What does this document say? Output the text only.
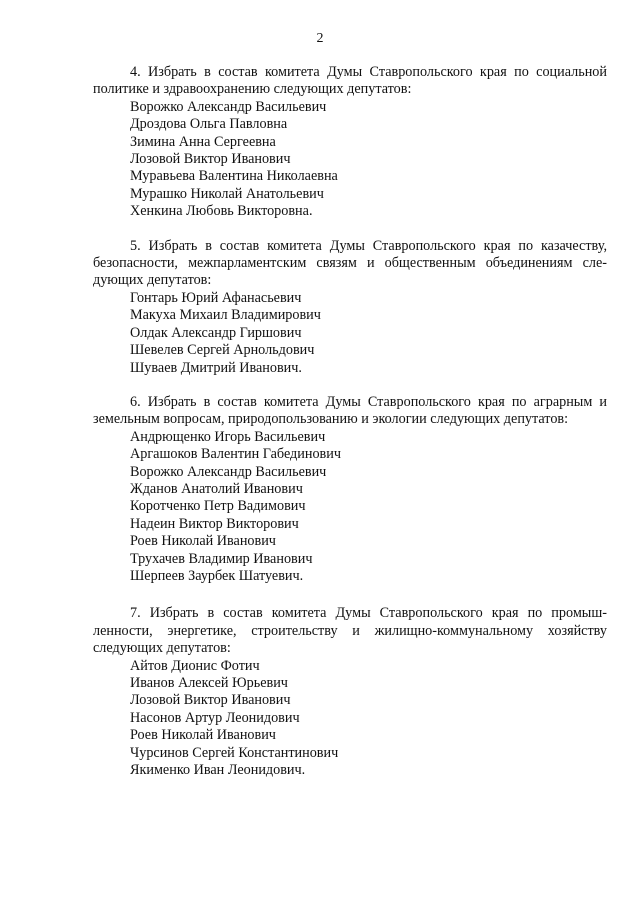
2

4. Избрать в состав комитета Думы Ставропольского края по социальной политике и здравоохранению следующих депутатов:

Ворожко Александр Васильевич
Дроздова Ольга Павловна
Зимина Анна Сергеевна
Лозовой Виктор Иванович
Муравьева Валентина Николаевна
Мурашко Николай Анатольевич
Хенкина Любовь Викторовна.

5. Избрать в состав комитета Думы Ставропольского края по казачеству, безопасности, межпарламентским связям и общественным объединениям следующих депутатов:

Гонтарь Юрий Афанасьевич
Макуха Михаил Владимирович
Олдак Александр Гиршович
Шевелев Сергей Арнольдович
Шуваев Дмитрий Иванович.

6. Избрать в состав комитета Думы Ставропольского края по аграрным и земельным вопросам, природопользованию и экологии следующих депутатов:

Андрющенко Игорь Васильевич
Аргашоков Валентин Габединович
Ворожко Александр Васильевич
Жданов Анатолий Иванович
Коротченко Петр Вадимович
Надеин Виктор Викторович
Роев Николай Иванович
Трухачев Владимир Иванович
Шерпеев Заурбек Шатуевич.

7. Избрать в состав комитета Думы Ставропольского края по промышленности, энергетике, строительству и жилищно-коммунальному хозяйству следующих депутатов:

Айтов Дионис Фотич
Иванов Алексей Юрьевич
Лозовой Виктор Иванович
Насонов Артур Леонидович
Роев Николай Иванович
Чурсинов Сергей Константинович
Якименко Иван Леонидович.
